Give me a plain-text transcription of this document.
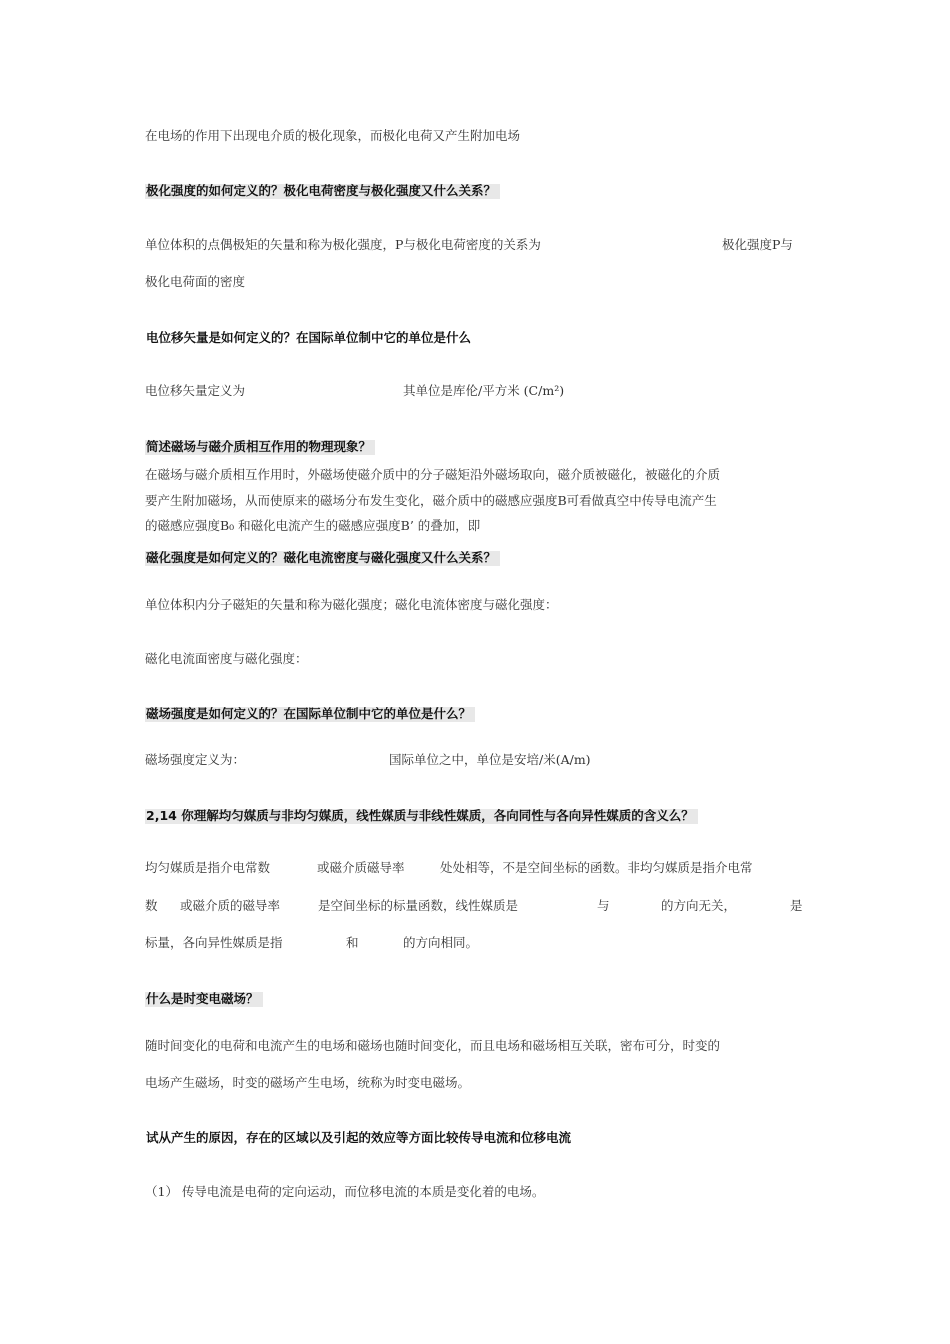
在电场的作用下出现电介质的极化现象，而极化电荷又产生附加电场
极化强度的如何定义的？极化电荷密度与极化强度又什么关系？
单位体积的点偶极矩的矢量和称为极化强度，P与极化电荷密度的关系为	极化强度P与
极化电荷面的密度
电位移矢量是如何定义的？在国际单位制中它的单位是什么
电位移矢量定义为	其单位是库伦/平方米 (C/m²)
简述磁场与磁介质相互作用的物理现象？
在磁场与磁介质相互作用时，外磁场使磁介质中的分子磁矩沿外磁场取向，磁介质被磁化，被磁化的介质
要产生附加磁场，从而使原来的磁场分布发生变化，磁介质中的磁感应强度B可看做真空中传导电流产生
的磁感应强度B₀ 和磁化电流产生的磁感应强度B’ 的叠加，即
磁化强度是如何定义的？磁化电流密度与磁化强度又什么关系？
单位体积内分子磁矩的矢量和称为磁化强度；磁化电流体密度与磁化强度：
磁化电流面密度与磁化强度：
磁场强度是如何定义的？在国际单位制中它的单位是什么？
磁场强度定义为：	国际单位之中，单位是安培/米(A/m)
2,14 你理解均匀媒质与非均匀媒质，线性媒质与非线性媒质，各向同性与各向异性媒质的含义么？
均匀媒质是指介电常数	或磁介质磁导率	处处相等，不是空间坐标的函数。非均匀媒质是指介电常
数 或磁介质的磁导率	是空间坐标的标量函数，线性媒质是	与	的方向无关，	是
标量，各向异性媒质是指	和	的方向相同。
什么是时变电磁场？
随时间变化的电荷和电流产生的电场和磁场也随时间变化，而且电场和磁场相互关联，密布可分，时变的
电场产生磁场，时变的磁场产生电场，统称为时变电磁场。
试从产生的原因，存在的区域以及引起的效应等方面比较传导电流和位移电流
（1） 传导电流是电荷的定向运动，而位移电流的本质是变化着的电场。
